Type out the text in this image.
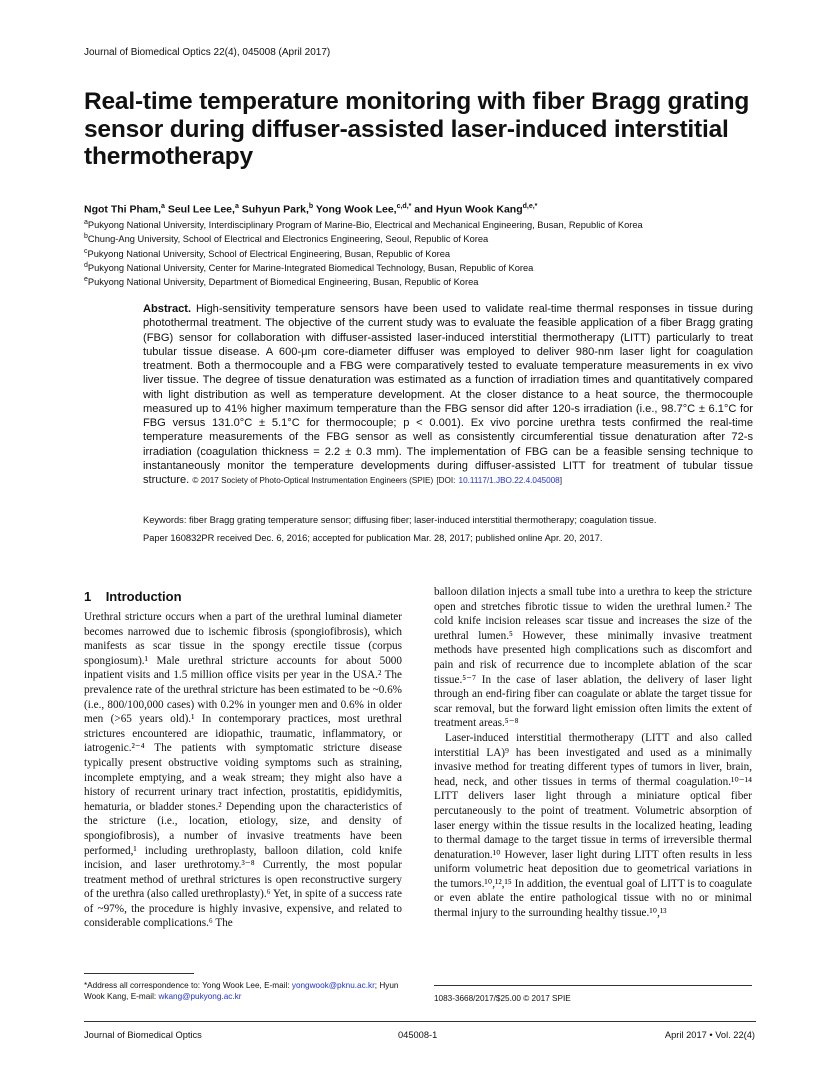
Journal of Biomedical Optics 22(4), 045008 (April 2017)
Real-time temperature monitoring with fiber Bragg grating sensor during diffuser-assisted laser-induced interstitial thermotherapy
Ngot Thi Pham,$^a$ Seul Lee Lee,$^a$ Suhyun Park,$^b$ Yong Wook Lee,$^{c,d,*}$ and Hyun Wook Kang$^{d,e,*}$
$^a$Pukyong National University, Interdisciplinary Program of Marine-Bio, Electrical and Mechanical Engineering, Busan, Republic of Korea
$^b$Chung-Ang University, School of Electrical and Electronics Engineering, Seoul, Republic of Korea
$^c$Pukyong National University, School of Electrical Engineering, Busan, Republic of Korea
$^d$Pukyong National University, Center for Marine-Integrated Biomedical Technology, Busan, Republic of Korea
$^e$Pukyong National University, Department of Biomedical Engineering, Busan, Republic of Korea
Abstract. High-sensitivity temperature sensors have been used to validate real-time thermal responses in tissue during photothermal treatment. The objective of the current study was to evaluate the feasible application of a fiber Bragg grating (FBG) sensor for collaboration with diffuser-assisted laser-induced interstitial thermotherapy (LITT) particularly to treat tubular tissue disease. A 600-μm core-diameter diffuser was employed to deliver 980-nm laser light for coagulation treatment. Both a thermocouple and a FBG were comparatively tested to evaluate temperature measurements in ex vivo liver tissue. The degree of tissue denaturation was estimated as a function of irradiation times and quantitatively compared with light distribution as well as temperature development. At the closer distance to a heat source, the thermocouple measured up to 41% higher maximum temperature than the FBG sensor did after 120-s irradiation (i.e., 98.7°C ± 6.1°C for FBG versus 131.0°C ± 5.1°C for thermocouple; p < 0.001). Ex vivo porcine urethra tests confirmed the real-time temperature measurements of the FBG sensor as well as consistently circumferential tissue denaturation after 72-s irradiation (coagulation thickness = 2.2 ± 0.3 mm). The implementation of FBG can be a feasible sensing technique to instantaneously monitor the temperature developments during diffuser-assisted LITT for treatment of tubular tissue structure. © 2017 Society of Photo-Optical Instrumentation Engineers (SPIE) [DOI: 10.1117/1.JBO.22.4.045008]
Keywords: fiber Bragg grating temperature sensor; diffusing fiber; laser-induced interstitial thermotherapy; coagulation tissue.
Paper 160832PR received Dec. 6, 2016; accepted for publication Mar. 28, 2017; published online Apr. 20, 2017.
1 Introduction

Urethral stricture occurs when a part of the urethral luminal diameter becomes narrowed due to ischemic fibrosis (spongiofibrosis), which manifests as scar tissue in the spongy erectile tissue (corpus spongiosum).¹ Male urethral stricture accounts for about 5000 inpatient visits and 1.5 million office visits per year in the USA.² The prevalence rate of the urethral stricture has been estimated to be ~0.6% (i.e., 800/100,000 cases) with 0.2% in younger men and 0.6% in older men (>65 years old).¹ In contemporary practices, most urethral strictures encountered are idiopathic, traumatic, inflammatory, or iatrogenic.²⁻⁴ The patients with symptomatic stricture disease typically present obstructive voiding symptoms such as straining, incomplete emptying, and a weak stream; they might also have a history of recurrent urinary tract infection, prostatitis, epididymitis, hematuria, or bladder stones.² Depending upon the characteristics of the stricture (i.e., location, etiology, size, and density of spongiofibrosis), a number of invasive treatments have been performed,¹ including urethroplasty, balloon dilation, cold knife incision, and laser urethrotomy.³⁻⁸ Currently, the most popular treatment method of urethral strictures is open reconstructive surgery of the urethra (also called urethroplasty).⁶ Yet, in spite of a success rate of ~97%, the procedure is highly invasive, expensive, and related to considerable complications.⁶ The

balloon dilation injects a small tube into a urethra to keep the stricture open and stretches fibrotic tissue to widen the urethral lumen.² The cold knife incision releases scar tissue and increases the size of the urethral lumen.⁵ However, these minimally invasive treatment methods have presented high complications such as discomfort and pain and risk of recurrence due to incomplete ablation of the scar tissue.⁵⁻⁷ In the case of laser ablation, the delivery of laser light through an end-firing fiber can coagulate or ablate the target tissue for scar removal, but the forward light emission often limits the extent of treatment areas.⁵⁻⁸

Laser-induced interstitial thermotherapy (LITT and also called interstitial LA)⁹ has been investigated and used as a minimally invasive method for treating different types of tumors in liver, brain, head, neck, and other tissues in terms of thermal coagulation.¹⁰⁻¹⁴ LITT delivers laser light through a miniature optical fiber percutaneously to the point of treatment. Volumetric absorption of laser energy within the tissue results in the localized heating, leading to thermal damage to the target tissue in terms of irreversible thermal denaturation.¹⁰ However, laser light during LITT often results in less uniform volumetric heat deposition due to geometrical variations in the tumors.¹⁰,¹²,¹⁵ In addition, the eventual goal of LITT is to coagulate or even ablate the entire pathological tissue with no or minimal thermal injury to the surrounding healthy tissue.¹⁰,¹³

*Address all correspondence to: Yong Wook Lee, E-mail: yongwook@pknu.ac.kr; Hyun Wook Kang, E-mail: wkang@pukyong.ac.kr	1083-3668/2017/$25.00 © 2017 SPIE
Journal of Biomedical Optics	045008-1	April 2017 • Vol. 22(4)
